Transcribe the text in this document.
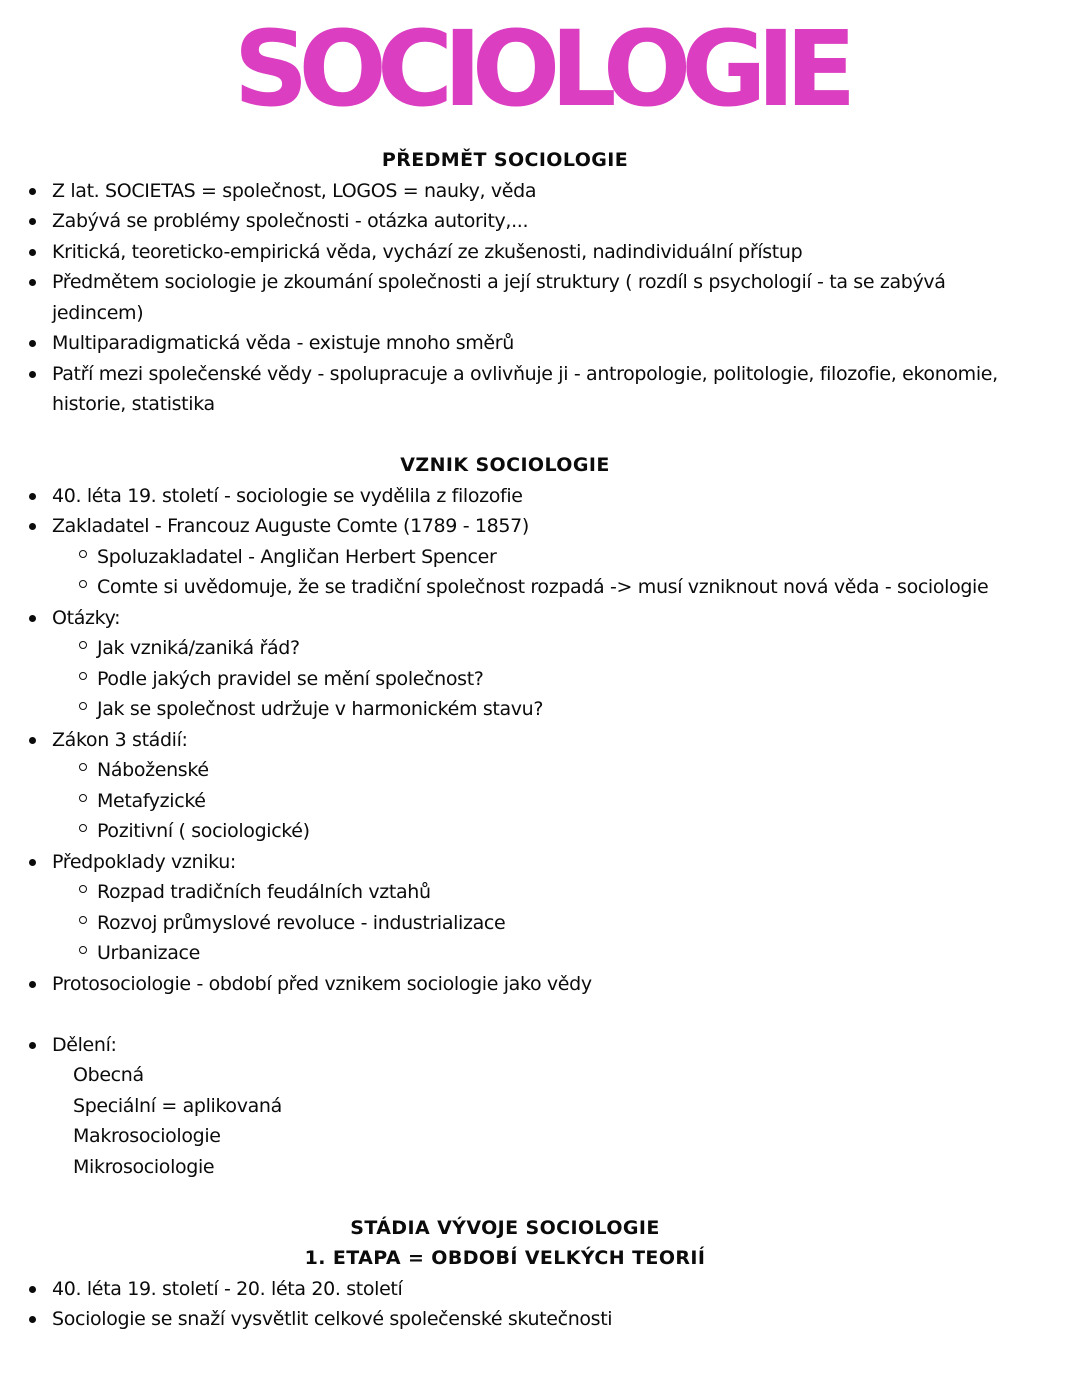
SOCIOLOGIE
PŘEDMĚT SOCIOLOGIE
Z lat. SOCIETAS = společnost, LOGOS = nauky, věda
Zabývá se problémy společnosti - otázka autority,...
Kritická, teoreticko-empirická věda, vychází ze zkušenosti, nadindividuální přístup
Předmětem sociologie je zkoumání společnosti a její struktury ( rozdíl s psychologií - ta se zabývá
jedincem)
Multiparadigmatická věda - existuje mnoho směrů
Patří mezi společenské vědy - spolupracuje a ovlivňuje ji - antropologie, politologie, filozofie, ekonomie,
historie, statistika
VZNIK SOCIOLOGIE
40. léta 19. století - sociologie se vydělila z filozofie
Zakladatel - Francouz Auguste Comte (1789 - 1857)
Spoluzakladatel - Angličan Herbert Spencer
Comte si uvědomuje, že se tradiční společnost rozpadá -> musí vzniknout nová věda - sociologie
Otázky:
Jak vzniká/zaniká řád?
Podle jakých pravidel se mění společnost?
Jak se společnost udržuje v harmonickém stavu?
Zákon 3 stádií:
Náboženské
Metafyzické
Pozitivní ( sociologické)
Předpoklady vzniku:
Rozpad tradičních feudálních vztahů
Rozvoj průmyslové revoluce - industrializace
Urbanizace
Protosociologie - období před vznikem sociologie jako vědy
Dělení:
Obecná
Speciální = aplikovaná
Makrosociologie
Mikrosociologie
STÁDIA VÝVOJE SOCIOLOGIE
1. ETAPA = OBDOBÍ VELKÝCH TEORIÍ
40. léta 19. století - 20. léta 20. století
Sociologie se snaží vysvětlit celkové společenské skutečnosti
